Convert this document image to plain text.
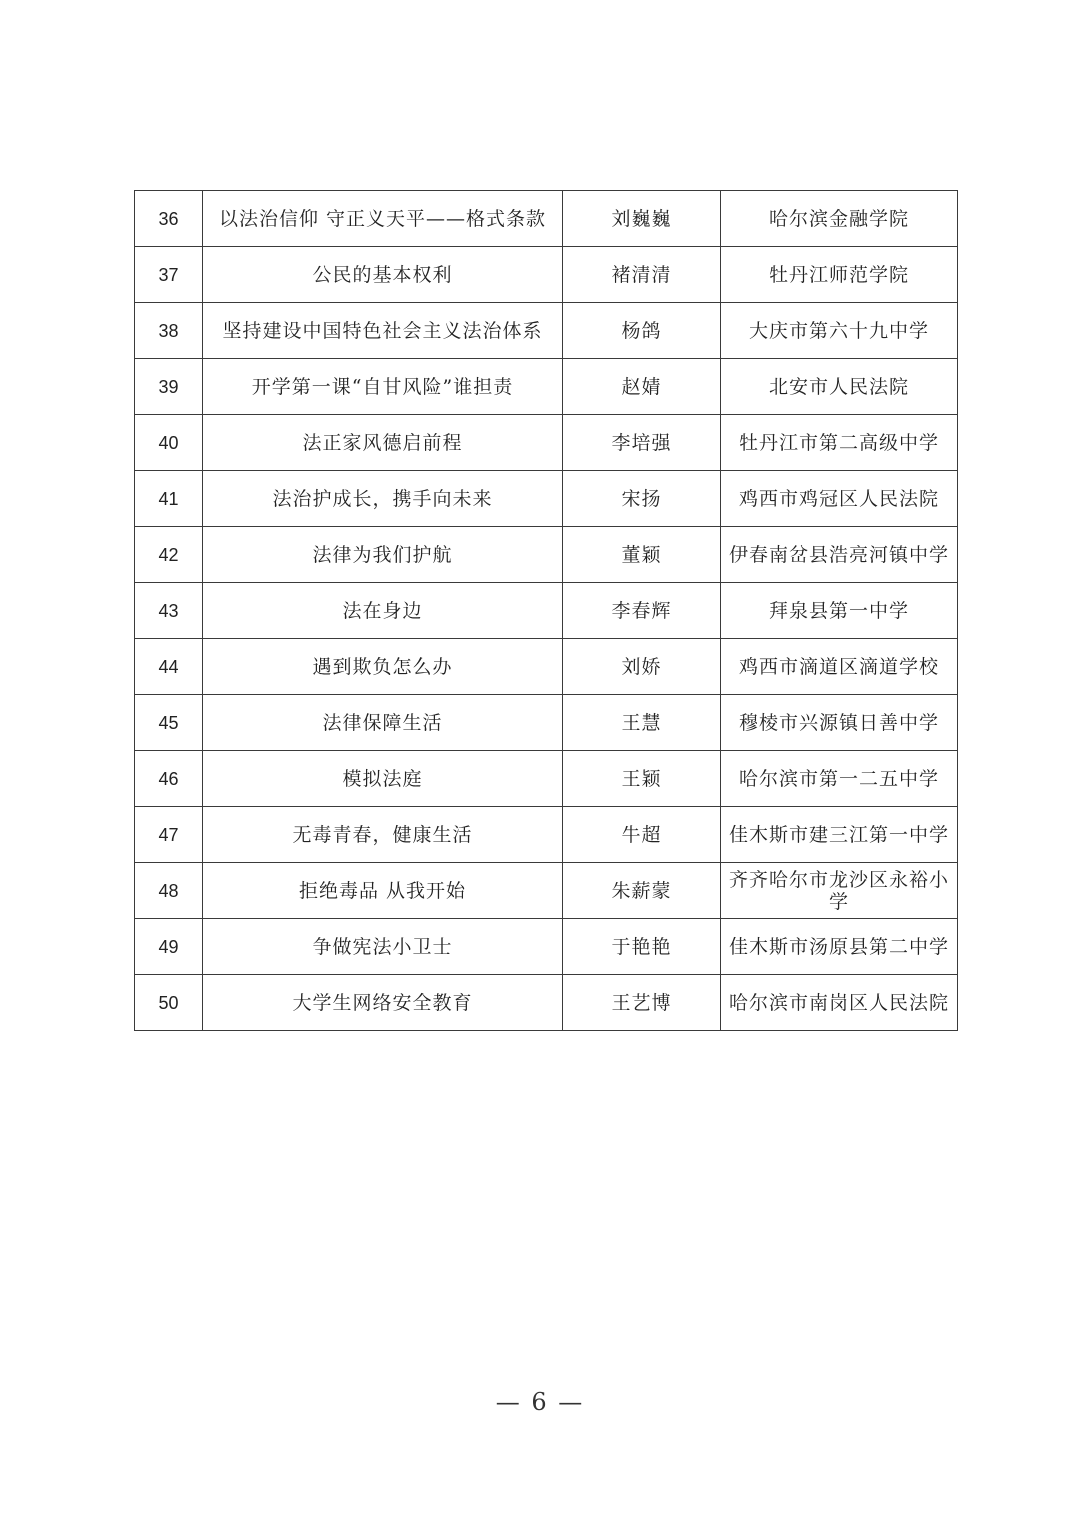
36	以法治信仰 守正义天平——格式条款	刘巍巍	哈尔滨金融学院
37	公民的基本权利	褚清清	牡丹江师范学院
38	坚持建设中国特色社会主义法治体系	杨鸽	大庆市第六十九中学
39	开学第一课“自甘风险”谁担责	赵婧	北安市人民法院
40	法正家风德启前程	李培强	牡丹江市第二高级中学
41	法治护成长，携手向未来	宋扬	鸡西市鸡冠区人民法院
42	法律为我们护航	董颖	伊春南岔县浩亮河镇中学
43	法在身边	李春辉	拜泉县第一中学
44	遇到欺负怎么办	刘娇	鸡西市滴道区滴道学校
45	法律保障生活	王慧	穆棱市兴源镇日善中学
46	模拟法庭	王颖	哈尔滨市第一二五中学
47	无毒青春，健康生活	牛超	佳木斯市建三江第一中学
48	拒绝毒品 从我开始	朱薪蒙	齐齐哈尔市龙沙区永裕小学
49	争做宪法小卫士	于艳艳	佳木斯市汤原县第二中学
50	大学生网络安全教育	王艺博	哈尔滨市南岗区人民法院
— 6 —
